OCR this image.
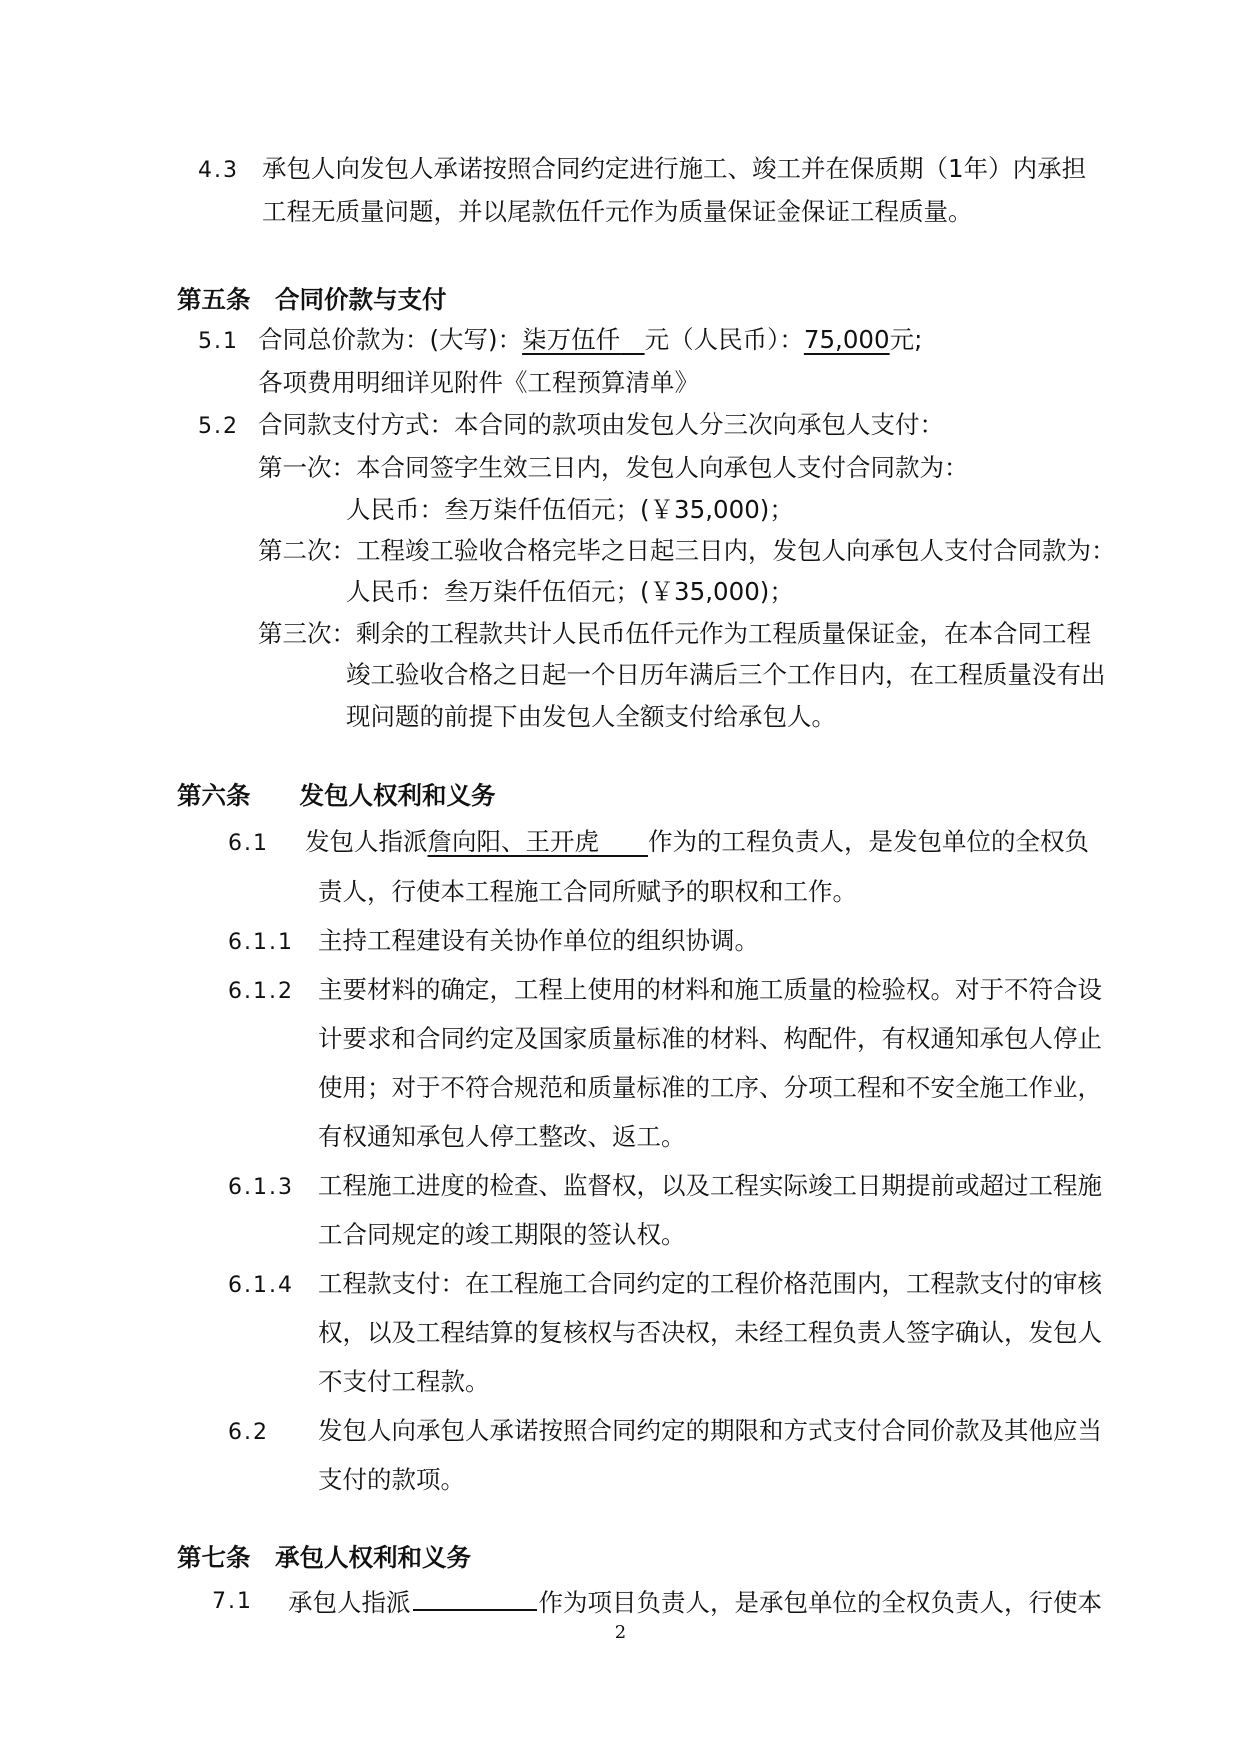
4.3 承包人向发包人承诺按照合同约定进行施工、竣工并在保质期（1年）内承担
工程无质量问题，并以尾款伍仟元作为质量保证金保证工程质量。
第五条　合同价款与支付
5.1 合同总价款为：(大写)：柒万伍仟　 元（人民币）：75,000元;
各项费用明细详见附件《工程预算清单》
5.2 合同款支付方式：本合同的款项由发包人分三次向承包人支付：
第一次：本合同签字生效三日内，发包人向承包人支付合同款为：
人民币：叁万柒仟伍佰元；(￥35,000)；
第二次：工程竣工验收合格完毕之日起三日内，发包人向承包人支付合同款为：
人民币：叁万柒仟伍佰元；(￥35,000)；
第三次：剩余的工程款共计人民币伍仟元作为工程质量保证金，在本合同工程
竣工验收合格之日起一个日历年满后三个工作日内，在工程质量没有出
现问题的前提下由发包人全额支付给承包人。
第六条　　发包人权利和义务
6.1 发包人指派詹向阳、王开虎　　 作为的工程负责人，是发包单位的全权负
责人，行使本工程施工合同所赋予的职权和工作。
6.1.1 主持工程建设有关协作单位的组织协调。
6.1.2 主要材料的确定，工程上使用的材料和施工质量的检验权。对于不符合设
计要求和合同约定及国家质量标准的材料、构配件，有权通知承包人停止
使用；对于不符合规范和质量标准的工序、分项工程和不安全施工作业，
有权通知承包人停工整改、返工。
6.1.3 工程施工进度的检查、监督权，以及工程实际竣工日期提前或超过工程施
工合同规定的竣工期限的签认权。
6.1.4 工程款支付：在工程施工合同约定的工程价格范围内，工程款支付的审核
权，以及工程结算的复核权与否决权，未经工程负责人签字确认，发包人
不支付工程款。
6.2 发包人向承包人承诺按照合同约定的期限和方式支付合同价款及其他应当
支付的款项。
第七条　承包人权利和义务
7.1 承包人指派	作为项目负责人，是承包单位的全权负责人，行使本
2
